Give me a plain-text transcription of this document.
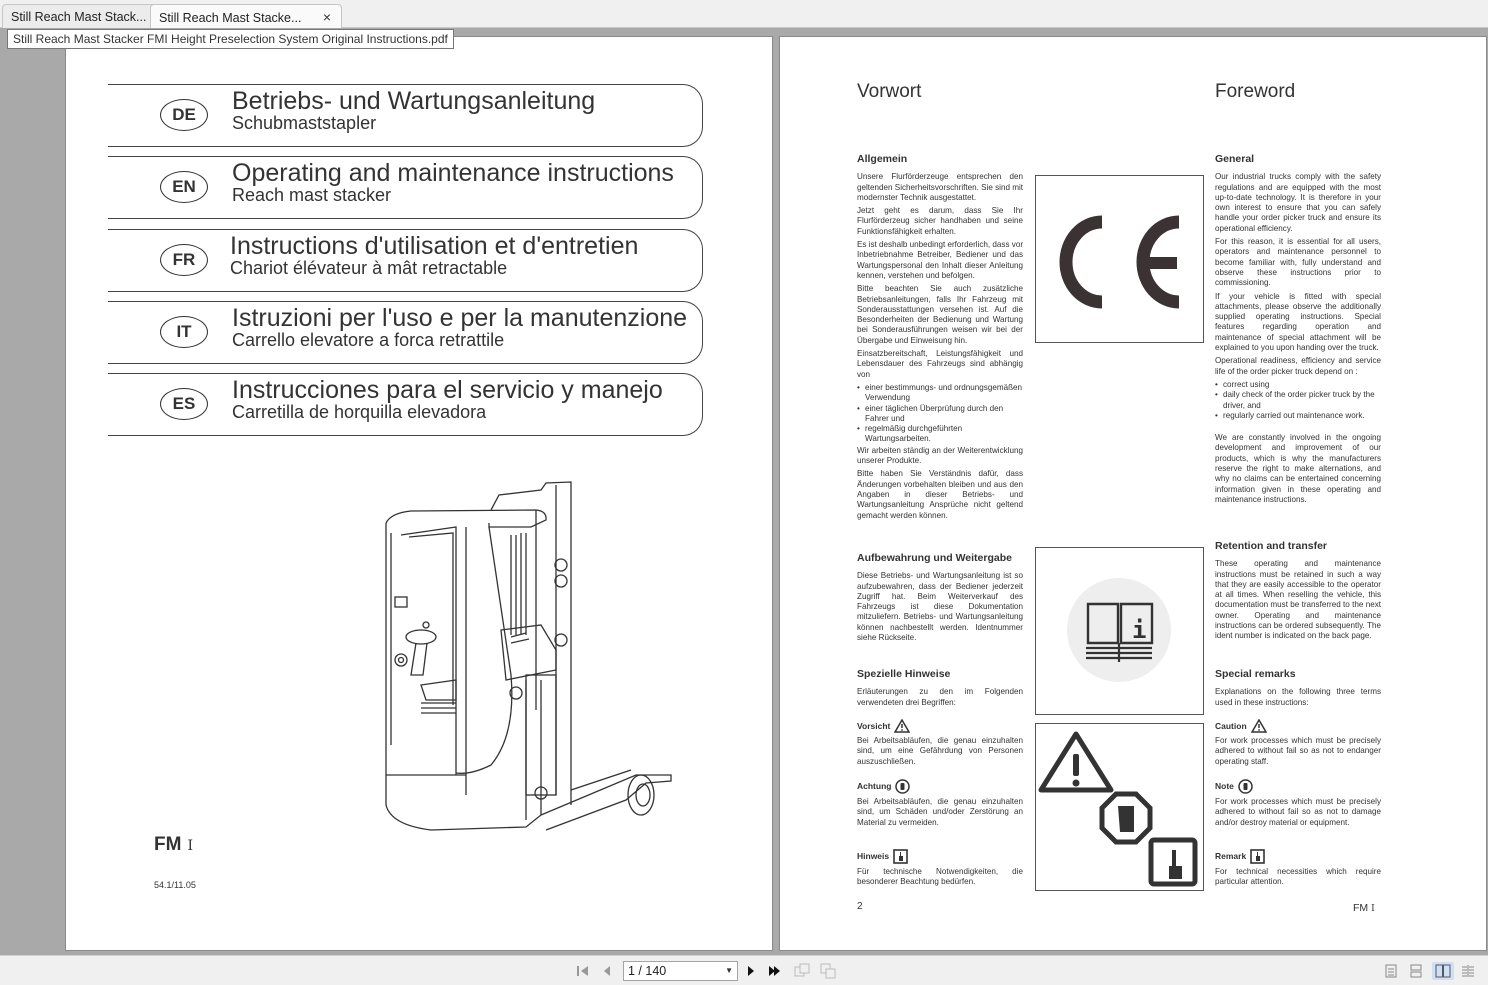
Still Reach Mast Stack...	Still Reach Mast Stacke... ×
Still Reach Mast Stacker FMI Height Preselection System Original Instructions.pdf
DE	Betriebs- und Wartungsanleitung
Schubmaststapler
EN	Operating and maintenance instructions
Reach mast stacker
FR	Instructions d'utilisation et d'entretien
Chariot élévateur à mât retractable
IT	Istruzioni per l'uso e per la manutenzione
Carrello elevatore a forca retrattile
ES	Instrucciones para el servicio y manejo
Carretilla de horquilla elevadora
FM I
54.1/11.05
Vorwort	Foreword
Allgemein

Unsere Flurförderzeuge entsprechen den geltenden Sicherheitsvorschriften. Sie sind mit modernster Technik ausgestattet.

Jetzt geht es darum, dass Sie Ihr Flurförderzeug sicher handhaben und seine Funktionsfähigkeit erhalten.

Es ist deshalb unbedingt erforderlich, dass vor Inbetriebnahme Betreiber, Bediener und das Wartungspersonal den Inhalt dieser Anleitung kennen, verstehen und befolgen.

Bitte beachten Sie auch zusätzliche Betriebsanleitungen, falls Ihr Fahrzeug mit Sonderausstattungen versehen ist. Auf die Besonderheiten der Bedienung und Wartung bei Sonderausführungen weisen wir bei der Übergabe und Einweisung hin.

Einsatzbereitschaft, Leistungsfähigkeit und Lebensdauer des Fahrzeugs sind abhängig von

• einer bestimmungs- und ordnungsgemäßen Verwendung
• einer täglichen Überprüfung durch den Fahrer und
• regelmäßig durchgeführten Wartungsarbeiten.

Wir arbeiten ständig an der Weiterentwicklung unserer Produkte.

Bitte haben Sie Verständnis dafür, dass Änderungen vorbehalten bleiben und aus den Angaben in dieser Betriebs- und Wartungsanleitung Ansprüche nicht geltend gemacht werden können.

Aufbewahrung und Weitergabe

Diese Betriebs- und Wartungsanleitung ist so aufzubewahren, dass der Bediener jederzeit Zugriff hat. Beim Weiterverkauf des Fahrzeugs ist diese Dokumentation mitzuliefern. Betriebs- und Wartungsanleitung können nachbestellt werden. Identnummer siehe Rückseite.

Spezielle Hinweise

Erläuterungen zu den im Folgenden verwendeten drei Begriffen:

Vorsicht

Bei Arbeitsabläufen, die genau einzuhalten sind, um eine Gefährdung von Personen auszuschließen.

Achtung

Bei Arbeitsabläufen, die genau einzuhalten sind, um Schäden und/oder Zerstörung an Material zu vermeiden.

Hinweis

Für technische Notwendigkeiten, die besonderer Beachtung bedürfen.

i
General

Our industrial trucks comply with the safety regulations and are equipped with the most up-to-date technology. It is therefore in your own interest to ensure that you can safely handle your order picker truck and ensure its operational efficiency.

For this reason, it is essential for all users, operators and maintenance personnel to become familiar with, fully understand and observe these instructions prior to commissioning.

If your vehicle is fitted with special attachments, please observe the additionally supplied operating instructions. Special features regarding operation and maintenance of special attachment will be explained to you upon handing over the truck.

Operational readiness, efficiency and service life of the order picker truck depend on :

• correct using
• daily check of the order picker truck by the driver, and
• regularly carried out maintenance work.

We are constantly involved in the ongoing development and improvement of our products, which is why the manufacturers reserve the right to make alternations, and why no claims can be entertained concerning information given in these operating and maintenance instructions.

Retention and transfer

These operating and maintenance instructions must be retained in such a way that they are easily accessible to the operator at all times. When reselling the vehicle, this documentation must be transferred to the next owner. Operating and maintenance instructions can be ordered subsequently. The ident number is indicated on the back page.

Special remarks

Explanations on the following three terms used in these instructions:

Caution

For work processes which must be precisely adhered to without fail so as not to endanger operating staff.

Note

For work processes which must be precisely adhered to without fail so as not to damage and/or destroy material or equipment.

Remark

For technical necessities which require particular attention.

2	FM I
1 / 140	▼
